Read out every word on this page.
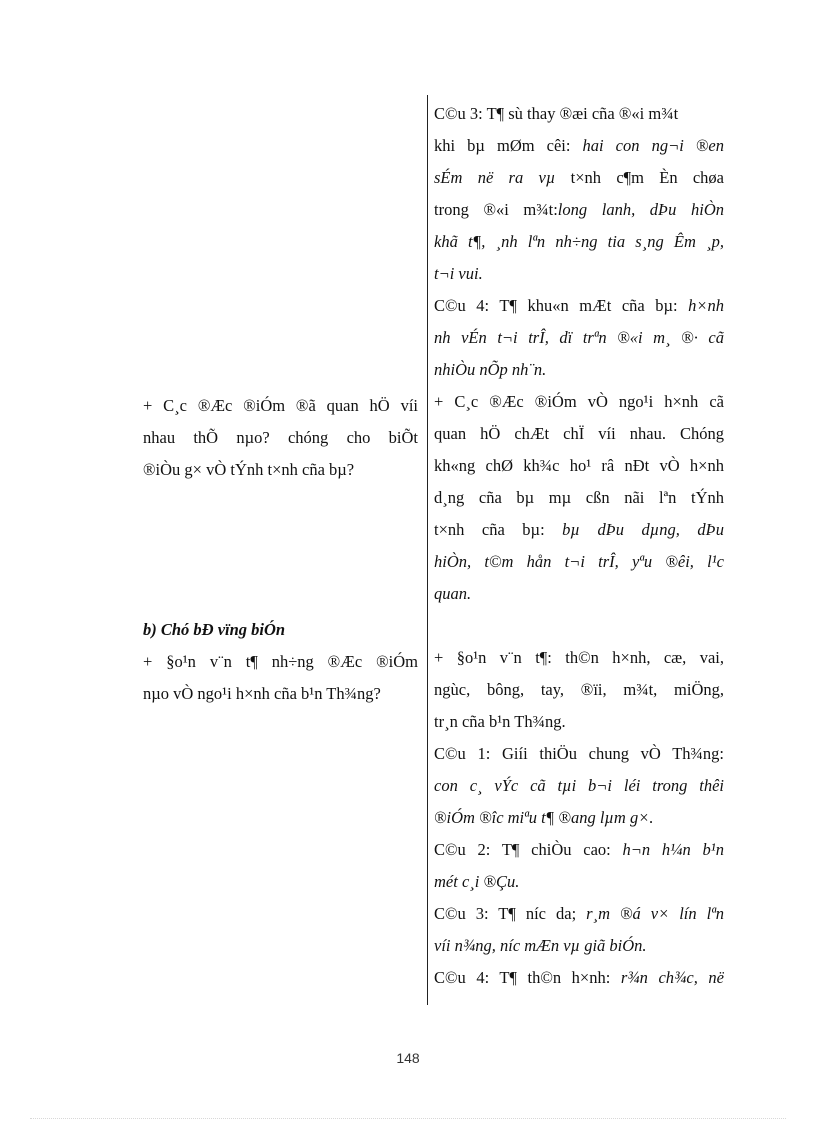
+ C¸c ®Æc ®iÓm ®ã quan hÖ víi
nhau thÕ nµo? chóng cho biÕt
®iÒu g× vÒ tÝnh t×nh cña bµ?
b) Chó bÐ vïng biÓn
+ §o¹n v¨n t¶ nh÷ng ®Æc ®iÓm
nµo vÒ ngo¹i h×nh cña b¹n Th¾ng?
C©u 3: T¶ sù thay ®æi cña ®«i m¾t
khi bµ mØm cêi: hai con ng¬i ®en
sÉm në ra vµ t×nh c¶m Èn chøa
trong ®«i m¾t:long lanh, dÞu hiÒn
khã t¶, ¸nh lªn nh÷ng tia s¸ng Êm ¸p,
t¬i vui.
C©u 4: T¶ khu«n mÆt cña bµ: h×nh
nh vÉn t¬i trÎ, dï trªn ®«i m¸ ®· cã
nhiÒu nÕp nh¨n.
+ C¸c ®Æc ®iÓm vÒ ngo¹i h×nh cã
quan hÖ chÆt chÏ víi nhau. Chóng
kh«ng chØ kh¾c ho¹ râ nÐt vÒ h×nh
d¸ng cña bµ mµ cßn nãi lªn tÝnh
t×nh cña bµ: bµ dÞu dµng, dÞu
hiÒn, t©m hån t¬i trÎ, yªu ®êi, l¹c
quan.
+ §o¹n v¨n t¶: th©n h×nh, cæ, vai,
ngùc, bông, tay, ®ïi, m¾t, miÖng,
tr¸n cña b¹n Th¾ng.
C©u 1: Giíi thiÖu chung vÒ Th¾ng:
con c¸ vÝc cã tµi b¬i léi trong thêi
®iÓm ®îc miªu t¶ ®ang lµm g×.
C©u 2: T¶ chiÒu cao: h¬n h¼n b¹n
mét c¸i ®Çu.
C©u 3: T¶ níc da; r¸m ®á v× lín lªn
víi n¾ng, níc mÆn vµ giã biÓn.
C©u 4: T¶ th©n h×nh: r¾n ch¾c, në
148
